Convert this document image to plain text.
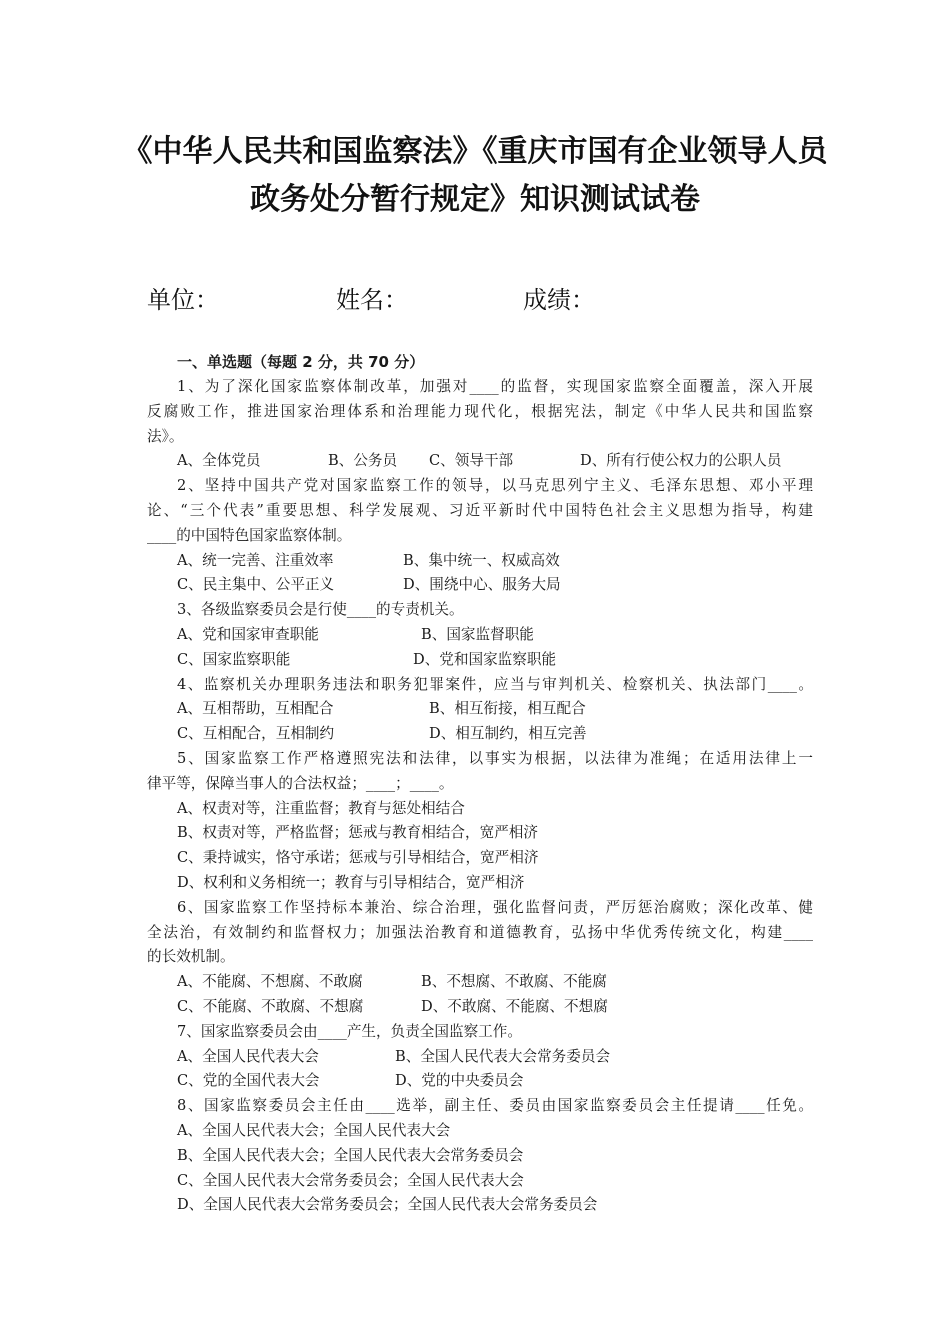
《中华人民共和国监察法》《重庆市国有企业领导人员
政务处分暂行规定》知识测试试卷
单位：	姓名：	成绩：
一、单选题（每题 2 分，共 70 分）
1、为了深化国家监察体制改革，加强对____的监督，实现国家监察全面覆盖，深入开展
反腐败工作，推进国家治理体系和治理能力现代化，根据宪法，制定《中华人民共和国监察
法》。
A、全体党员	B、公务员 C、领导干部	D、所有行使公权力的公职人员
2、坚持中国共产党对国家监察工作的领导，以马克思列宁主义、毛泽东思想、邓小平理
论、“三个代表”重要思想、科学发展观、习近平新时代中国特色社会主义思想为指导，构建
____的中国特色国家监察体制。
A、统一完善、注重效率	B、集中统一、权威高效
C、民主集中、公平正义	D、围绕中心、服务大局
3、各级监察委员会是行使____的专责机关。
A、党和国家审查职能	B、国家监督职能
C、国家监察职能	D、党和国家监察职能
4、监察机关办理职务违法和职务犯罪案件，应当与审判机关、检察机关、执法部门____。
A、互相帮助，互相配合	B、相互衔接，相互配合
C、互相配合，互相制约	D、相互制约，相互完善
5、国家监察工作严格遵照宪法和法律，以事实为根据，以法律为准绳；在适用法律上一
律平等，保障当事人的合法权益；____；____。
A、权责对等，注重监督；教育与惩处相结合
B、权责对等，严格监督；惩戒与教育相结合，宽严相济
C、秉持诚实，恪守承诺；惩戒与引导相结合，宽严相济
D、权利和义务相统一；教育与引导相结合，宽严相济
6、国家监察工作坚持标本兼治、综合治理，强化监督问责，严厉惩治腐败；深化改革、健
全法治，有效制约和监督权力；加强法治教育和道德教育，弘扬中华优秀传统文化，构建____
的长效机制。
A、不能腐、不想腐、不敢腐	B、不想腐、不敢腐、不能腐
C、不能腐、不敢腐、不想腐	D、不敢腐、不能腐、不想腐
7、国家监察委员会由____产生，负责全国监察工作。
A、全国人民代表大会	B、全国人民代表大会常务委员会
C、党的全国代表大会	D、党的中央委员会
8、国家监察委员会主任由____选举，副主任、委员由国家监察委员会主任提请____任免。
A、全国人民代表大会；全国人民代表大会
B、全国人民代表大会；全国人民代表大会常务委员会
C、全国人民代表大会常务委员会；全国人民代表大会
D、全国人民代表大会常务委员会；全国人民代表大会常务委员会
